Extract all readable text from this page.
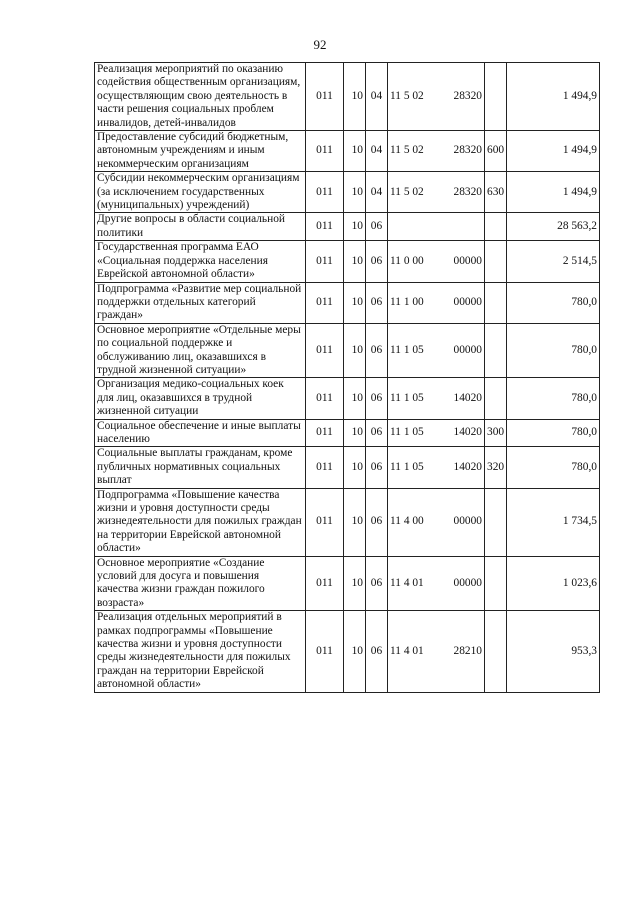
92
Реализация мероприятий по оказанию содействия общественным организациям, осуществляющим свою деятельность в части решения социальных проблем инвалидов, детей-инвалидов	011	10	04	11 5 02 28320		1 494,9
Предоставление субсидий бюджетным, автономным учреждениям и иным некоммерческим организациям	011	10	04	11 5 02 28320	600	1 494,9
Субсидии некоммерческим организациям (за исключением государственных (муниципальных) учреждений)	011	10	04	11 5 02 28320	630	1 494,9
Другие вопросы в области социальной политики	011	10	06			28 563,2
Государственная программа ЕАО «Социальная поддержка населения Еврейской автономной области»	011	10	06	11 0 00 00000		2 514,5
Подпрограмма «Развитие мер социальной поддержки отдельных категорий граждан»	011	10	06	11 1 00 00000		780,0
Основное мероприятие «Отдельные меры по социальной поддержке и обслуживанию лиц, оказавшихся в трудной жизненной ситуации»	011	10	06	11 1 05 00000		780,0
Организация медико-социальных коек для лиц, оказавшихся в трудной жизненной ситуации	011	10	06	11 1 05 14020		780,0
Социальное обеспечение и иные выплаты населению	011	10	06	11 1 05 14020	300	780,0
Социальные выплаты гражданам, кроме публичных нормативных социальных выплат	011	10	06	11 1 05 14020	320	780,0
Подпрограмма «Повышение качества жизни и уровня доступности среды жизнедеятельности для пожилых граждан на территории Еврейской автономной области»	011	10	06	11 4 00 00000		1 734,5
Основное мероприятие «Создание условий для досуга и повышения качества жизни граждан пожилого возраста»	011	10	06	11 4 01 00000		1 023,6
Реализация отдельных мероприятий в рамках подпрограммы «Повышение качества жизни и уровня доступности среды жизнедеятельности для пожилых граждан на территории Еврейской автономной области»	011	10	06	11 4 01 28210		953,3
